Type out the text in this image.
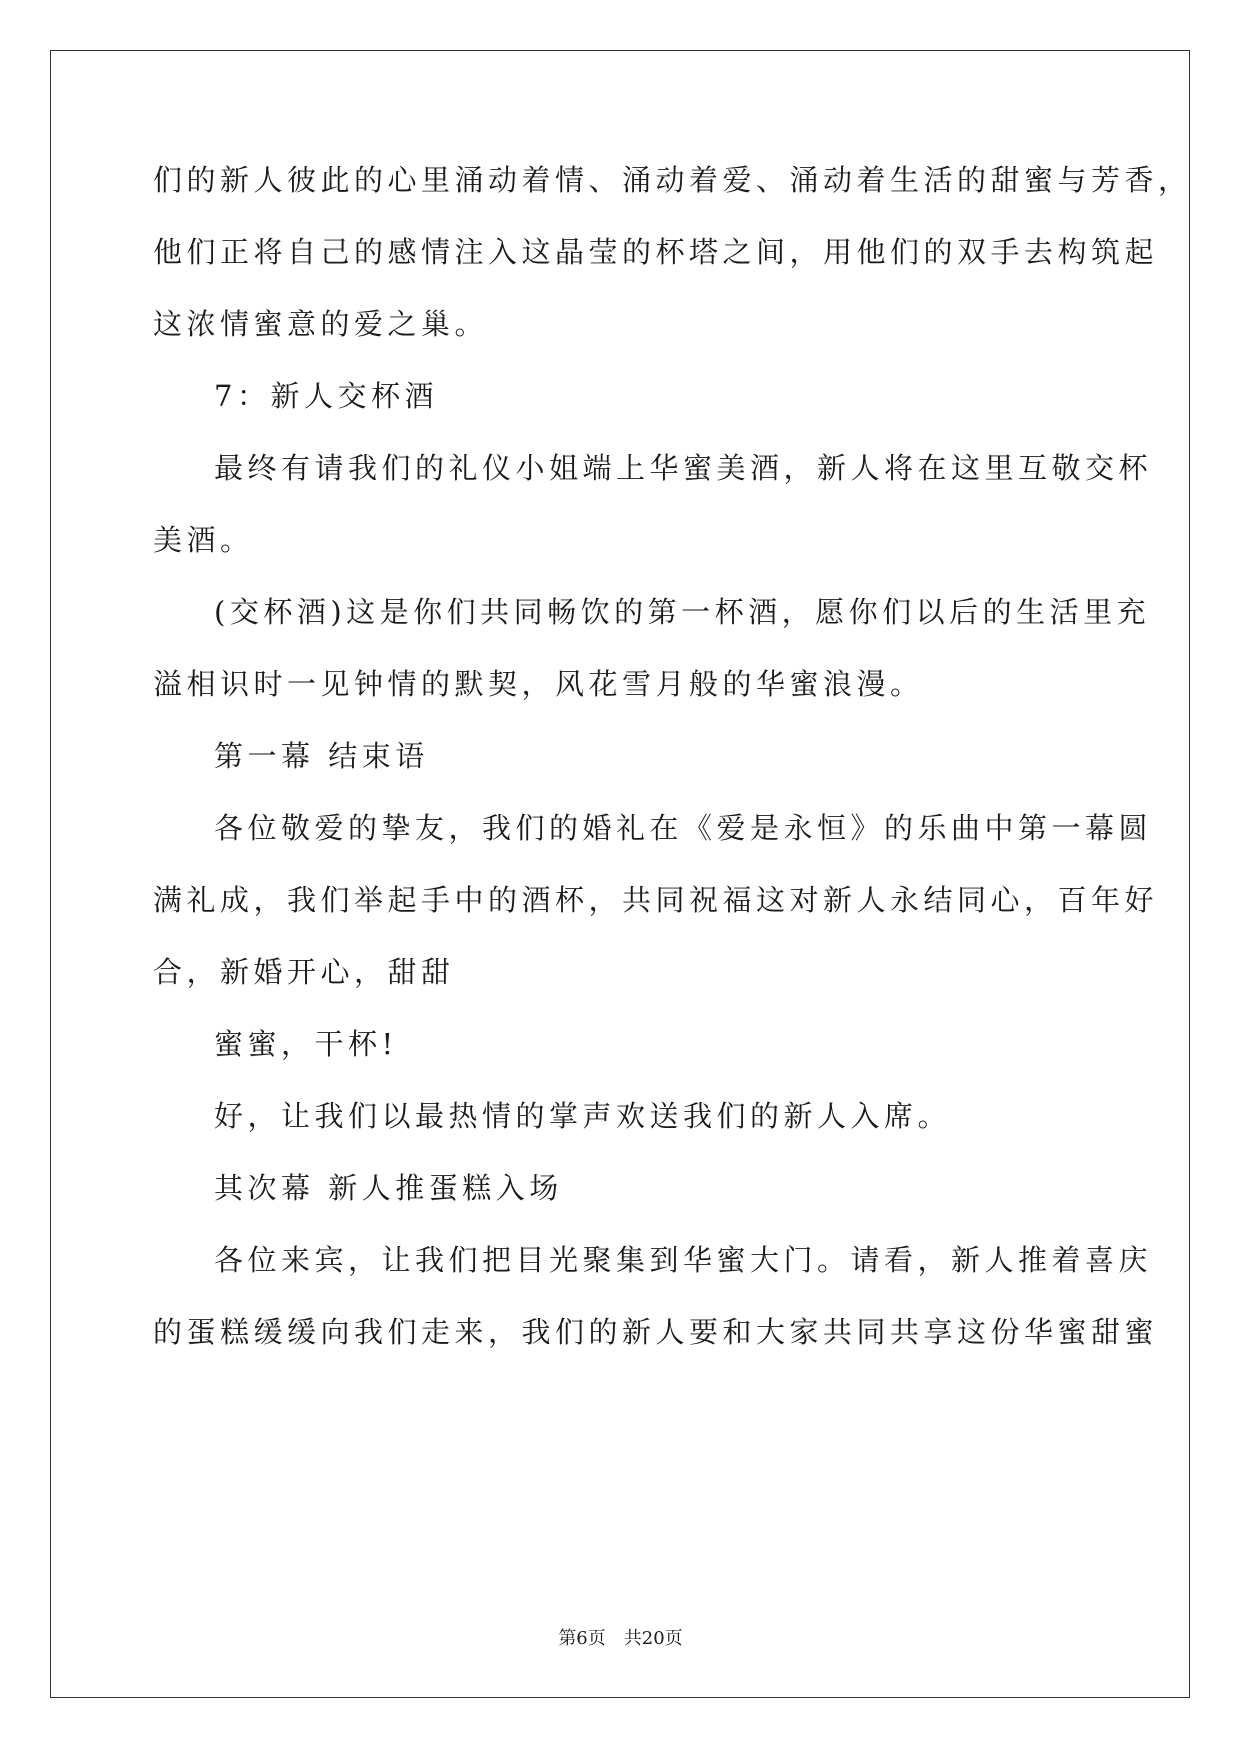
们的新人彼此的心里涌动着情、涌动着爱、涌动着生活的甜蜜与芳香，
他们正将自己的感情注入这晶莹的杯塔之间，用他们的双手去构筑起
这浓情蜜意的爱之巢。
7：新人交杯酒
最终有请我们的礼仪小姐端上华蜜美酒，新人将在这里互敬交杯
美酒。
(交杯酒)这是你们共同畅饮的第一杯酒，愿你们以后的生活里充
溢相识时一见钟情的默契，风花雪月般的华蜜浪漫。
第一幕 结束语
各位敬爱的挚友，我们的婚礼在《爱是永恒》的乐曲中第一幕圆
满礼成，我们举起手中的酒杯，共同祝福这对新人永结同心，百年好
合，新婚开心，甜甜
蜜蜜，干杯!
好，让我们以最热情的掌声欢送我们的新人入席。
其次幕 新人推蛋糕入场
各位来宾，让我们把目光聚集到华蜜大门。请看，新人推着喜庆
的蛋糕缓缓向我们走来，我们的新人要和大家共同共享这份华蜜甜蜜
第6页　共20页
